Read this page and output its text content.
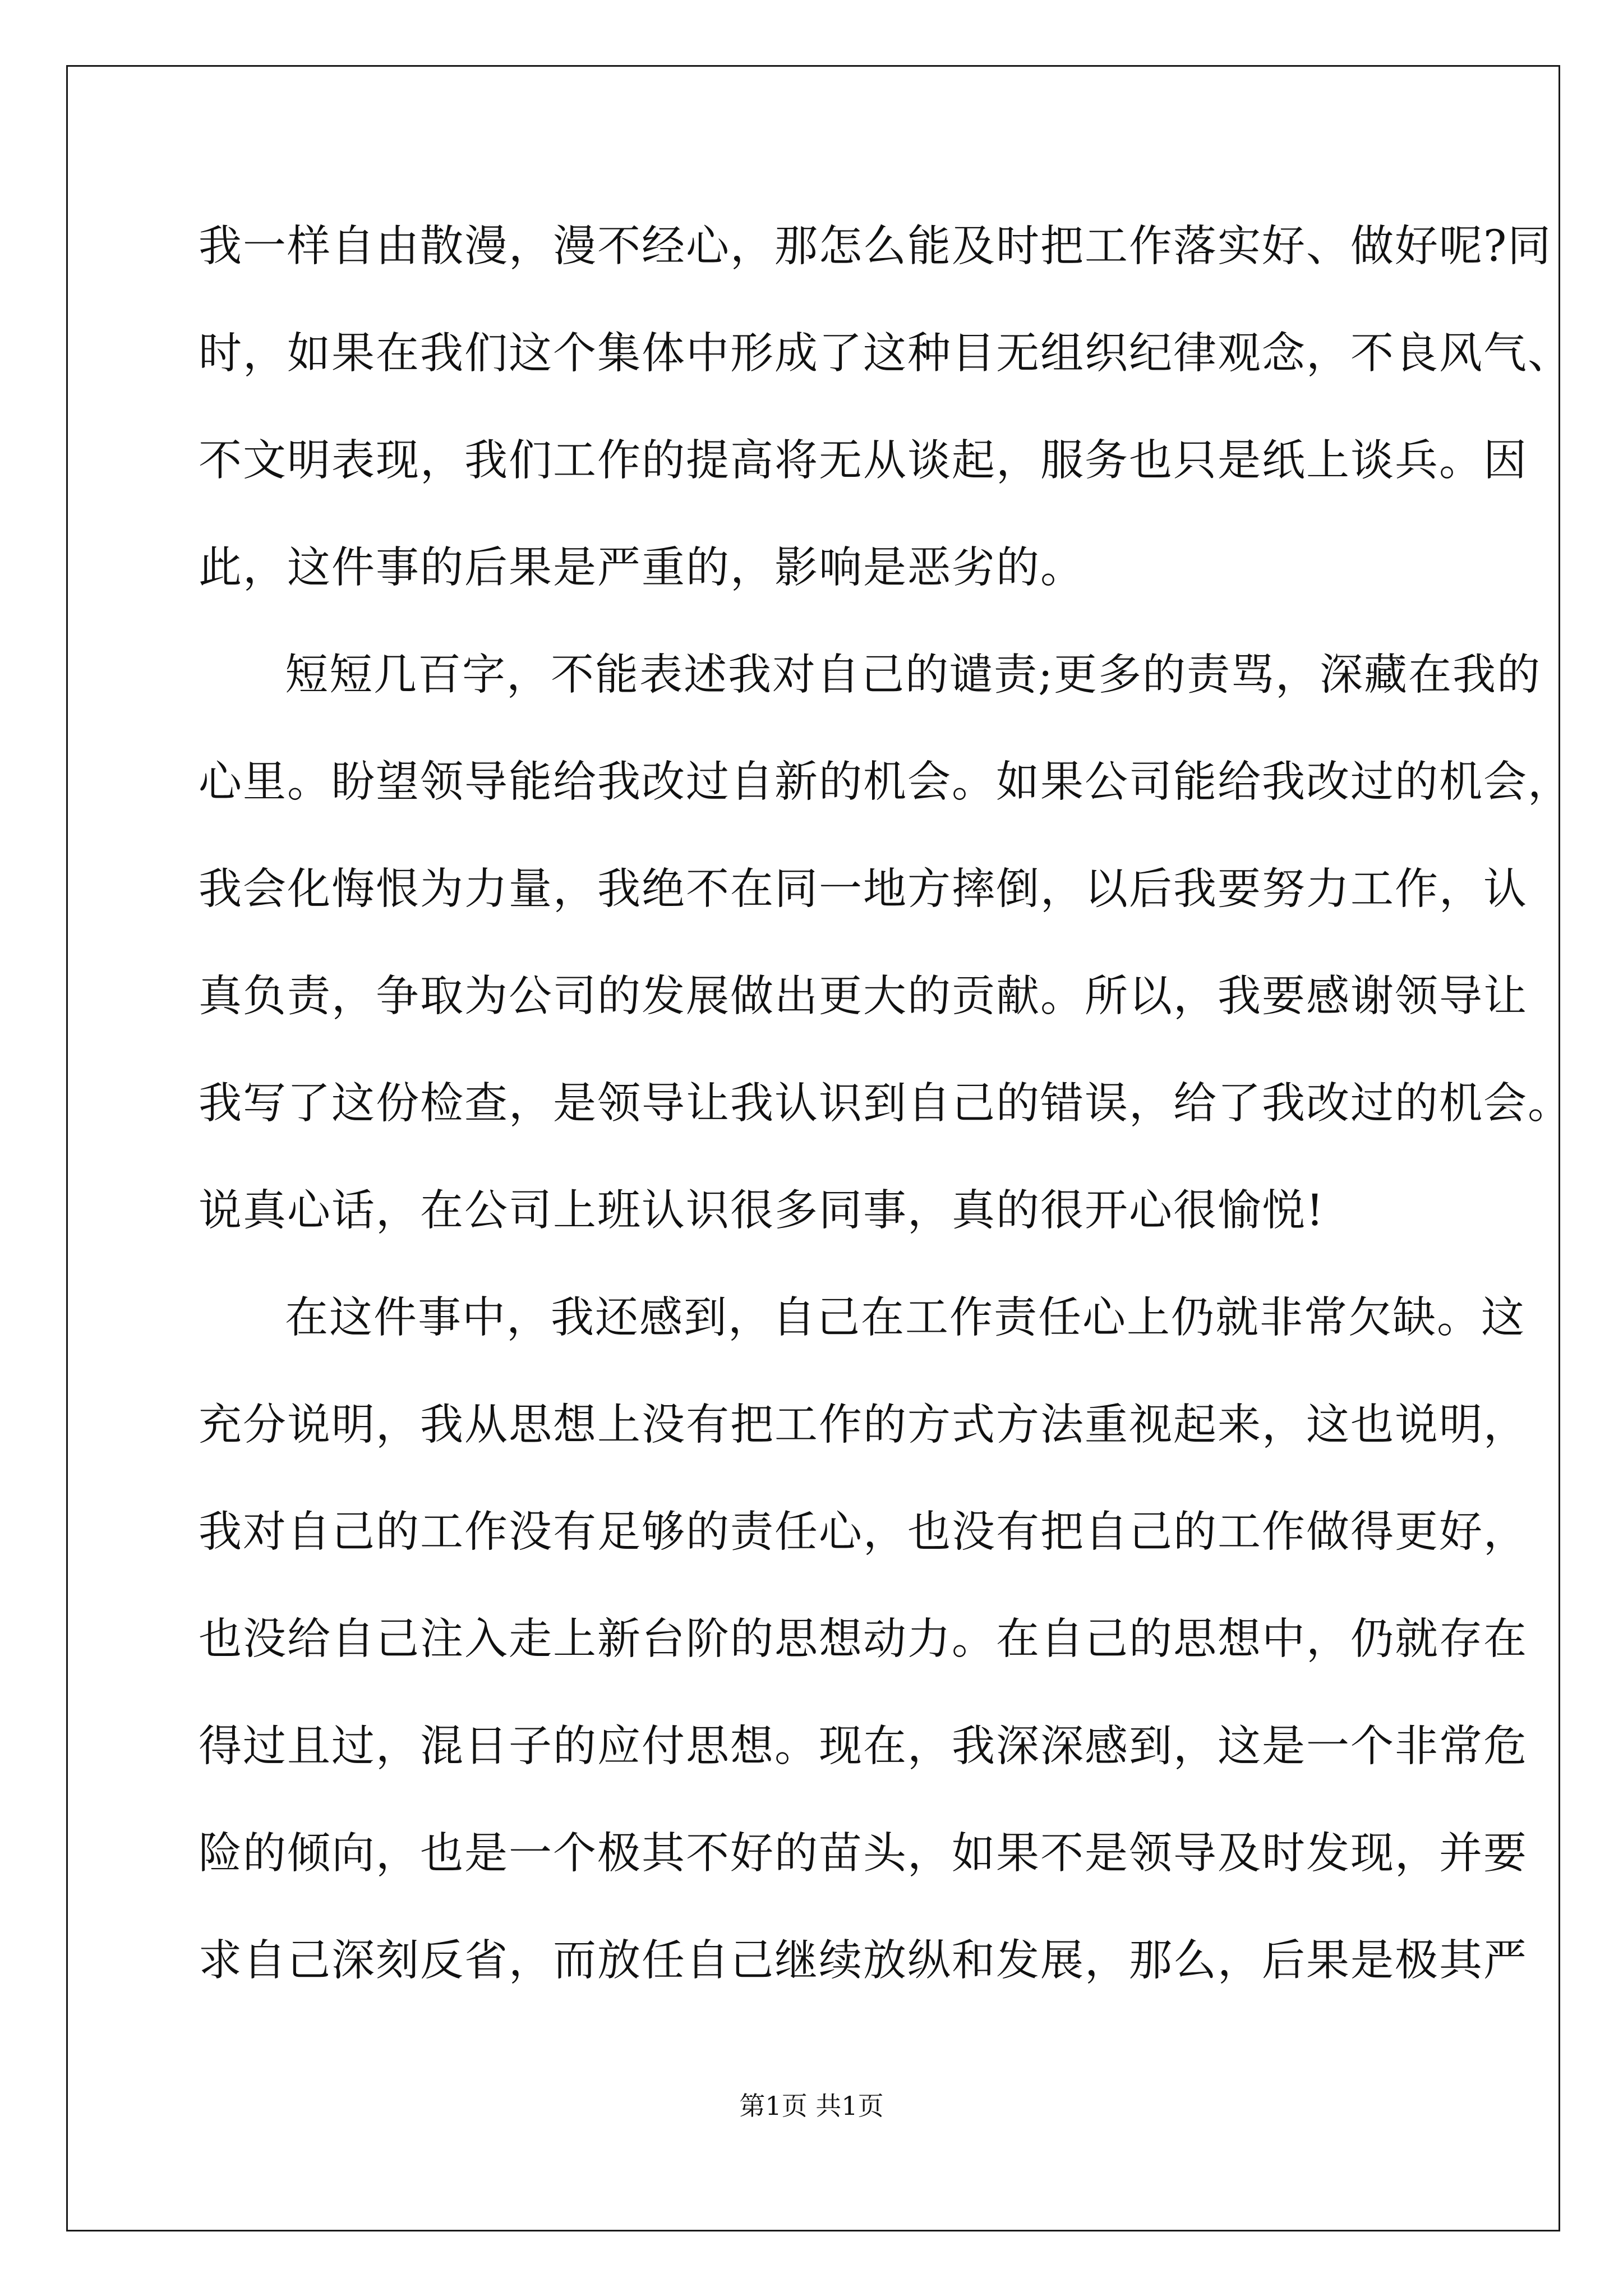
我一样自由散漫，漫不经心，那怎么能及时把工作落实好、做好呢?同
时，如果在我们这个集体中形成了这种目无组织纪律观念，不良风气、
不文明表现，我们工作的提高将无从谈起，服务也只是纸上谈兵。因
此，这件事的后果是严重的，影响是恶劣的。
短短几百字，不能表述我对自己的谴责;更多的责骂，深藏在我的
心里。盼望领导能给我改过自新的机会。如果公司能给我改过的机会，
我会化悔恨为力量，我绝不在同一地方摔倒，以后我要努力工作，认
真负责，争取为公司的发展做出更大的贡献。所以，我要感谢领导让
我写了这份检查，是领导让我认识到自己的错误，给了我改过的机会。
说真心话，在公司上班认识很多同事，真的很开心很愉悦!
在这件事中，我还感到，自己在工作责任心上仍就非常欠缺。这
充分说明，我从思想上没有把工作的方式方法重视起来，这也说明，
我对自己的工作没有足够的责任心，也没有把自己的工作做得更好，
也没给自己注入走上新台阶的思想动力。在自己的思想中，仍就存在
得过且过，混日子的应付思想。现在，我深深感到，这是一个非常危
险的倾向，也是一个极其不好的苗头，如果不是领导及时发现，并要
求自己深刻反省，而放任自己继续放纵和发展，那么，后果是极其严
第1页 共1页
